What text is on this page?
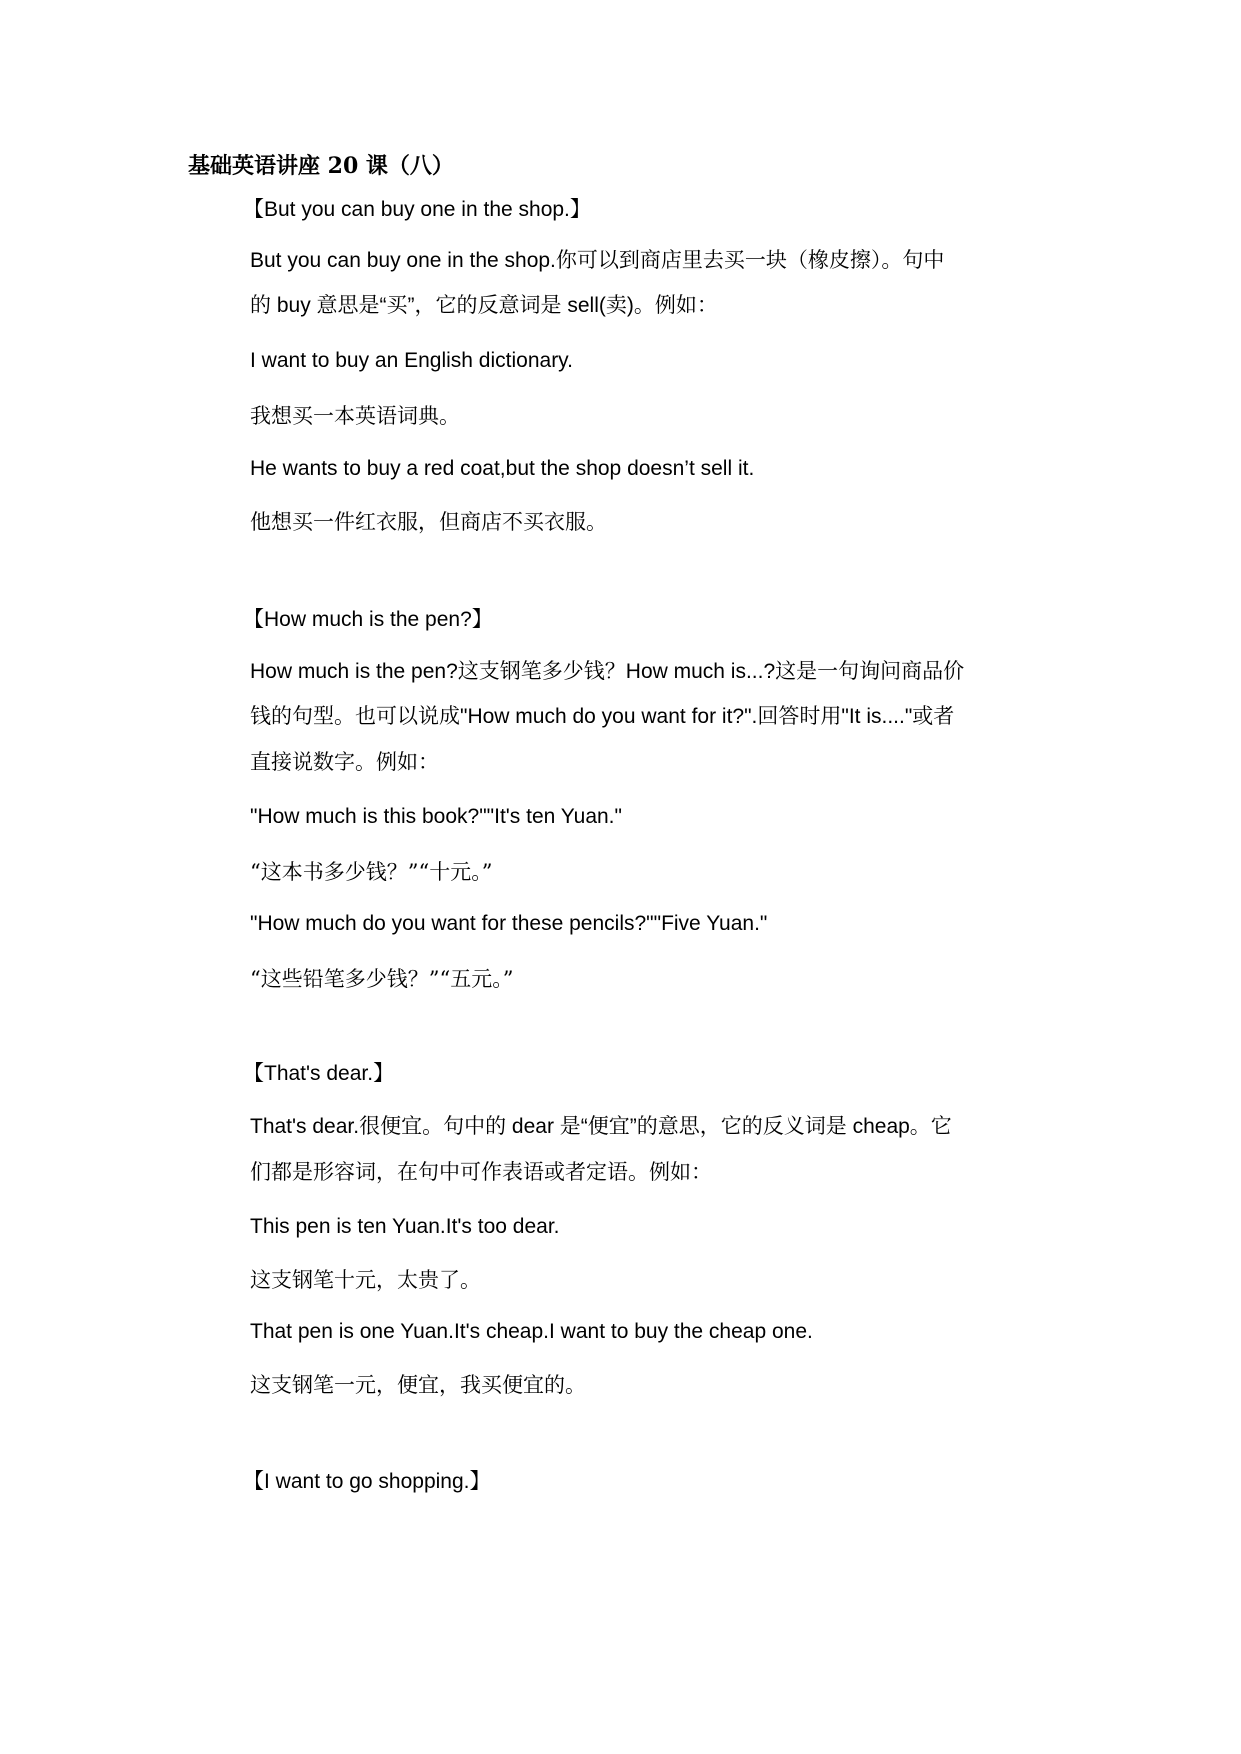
基础英语讲座 20 课（八）
【But you can buy one in the shop.】
But you can buy one in the shop.你可以到商店里去买一块（橡皮擦）。句中
的 buy 意思是“买”，它的反意词是 sell(卖)。例如：
I want to buy an English dictionary.
我想买一本英语词典。
He wants to buy a red coat,but the shop doesn’t sell it.
他想买一件红衣服，但商店不买衣服。
【How much is the pen?】
How much is the pen?这支钢笔多少钱？How much is...?这是一句询问商品价
钱的句型。也可以说成"How much do you want for it?".回答时用"It is...."或者
直接说数字。例如：
"How much is this book?""It's ten Yuan."
“这本书多少钱？”“十元。”
"How much do you want for these pencils?""Five Yuan."
“这些铅笔多少钱？”“五元。”
【That's dear.】
That's dear.很便宜。句中的 dear 是“便宜”的意思，它的反义词是 cheap。它
们都是形容词，在句中可作表语或者定语。例如：
This pen is ten Yuan.It's too dear.
这支钢笔十元，太贵了。
That pen is one Yuan.It's cheap.I want to buy the cheap one.
这支钢笔一元，便宜，我买便宜的。
【I want to go shopping.】
